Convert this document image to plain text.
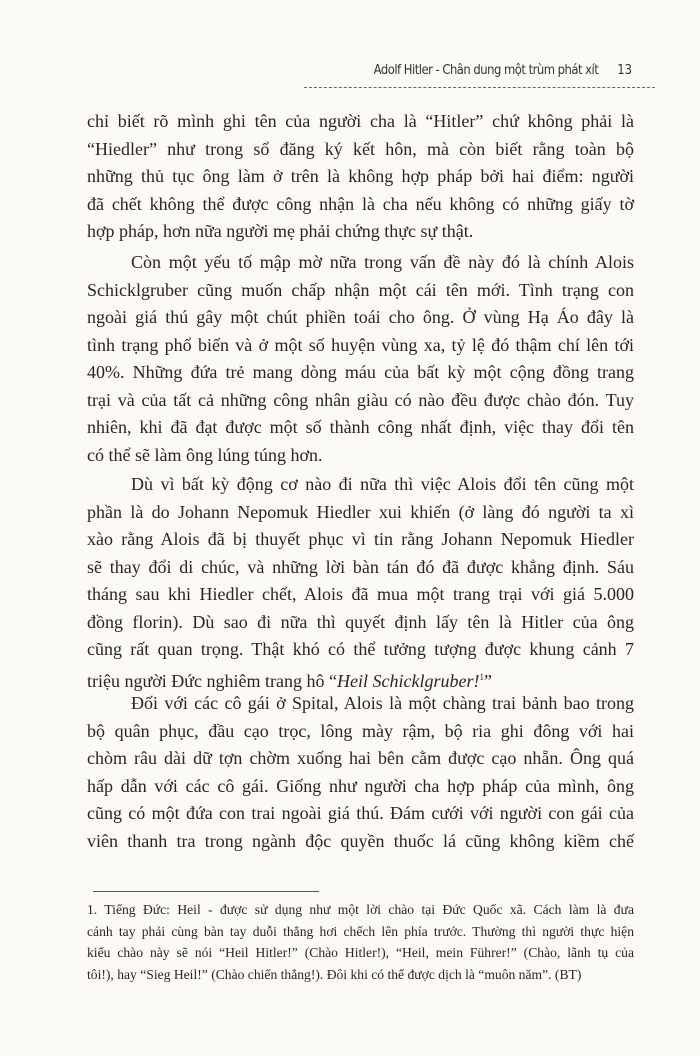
Adolf Hitler - Chân dung một trùm phát xít 13
chỉ biết rõ mình ghi tên của người cha là “Hitler” chứ không phải là
“Hiedler” như trong sổ đăng ký kết hôn, mà còn biết rằng toàn bộ
những thủ tục ông làm ở trên là không hợp pháp bởi hai điểm: người
đã chết không thể được công nhận là cha nếu không có những giấy tờ
hợp pháp, hơn nữa người mẹ phải chứng thực sự thật.
Còn một yếu tố mập mờ nữa trong vấn đề này đó là chính Alois
Schicklgruber cũng muốn chấp nhận một cái tên mới. Tình trạng con
ngoài giá thú gây một chút phiền toái cho ông. Ở vùng Hạ Áo đây là
tình trạng phổ biến và ở một số huyện vùng xa, tỷ lệ đó thậm chí lên tới
40%. Những đứa trẻ mang dòng máu của bất kỳ một cộng đồng trang
trại và của tất cả những công nhân giàu có nào đều được chào đón. Tuy
nhiên, khi đã đạt được một số thành công nhất định, việc thay đổi tên
có thể sẽ làm ông lúng túng hơn.
Dù vì bất kỳ động cơ nào đi nữa thì việc Alois đổi tên cũng một
phần là do Johann Nepomuk Hiedler xui khiến (ở làng đó người ta xì
xào rằng Alois đã bị thuyết phục vì tin rằng Johann Nepomuk Hiedler
sẽ thay đổi di chúc, và những lời bàn tán đó đã được khẳng định. Sáu
tháng sau khi Hiedler chết, Alois đã mua một trang trại với giá 5.000
đồng florin). Dù sao đi nữa thì quyết định lấy tên là Hitler của ông
cũng rất quan trọng. Thật khó có thể tưởng tượng được khung cảnh 7
triệu người Đức nghiêm trang hô “Heil Schicklgruber!$^1$”
Đối với các cô gái ở Spital, Alois là một chàng trai bảnh bao trong
bộ quân phục, đầu cạo trọc, lông mày rậm, bộ ria ghi đông với hai
chòm râu dài dữ tợn chờm xuống hai bên cằm được cạo nhẵn. Ông quá
hấp dẫn với các cô gái. Giống như người cha hợp pháp của mình, ông
cũng có một đứa con trai ngoài giá thú. Đám cưới với người con gái của
viên thanh tra trong ngành độc quyền thuốc lá cũng không kiềm chế
1. Tiếng Đức: Heil - được sử dụng như một lời chào tại Đức Quốc xã. Cách làm là đưa
cánh tay phải cùng bàn tay duỗi thẳng hơi chếch lên phía trước. Thường thì người thực hiện
kiểu chào này sẽ nói “Heil Hitler!” (Chào Hitler!), “Heil, mein Führer!” (Chào, lãnh tụ của
tôi!), hay “Sieg Heil!” (Chào chiến thắng!). Đôi khi có thể được dịch là “muôn năm”. (BT)
